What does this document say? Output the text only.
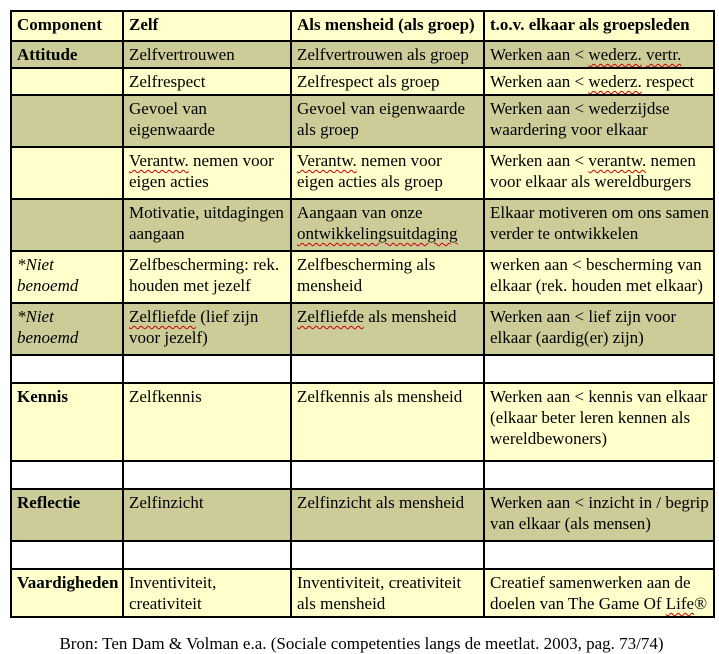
Component	Zelf	Als mensheid (als groep)	t.o.v. elkaar als groepsleden
Attitude	Zelfvertrouwen	Zelfvertrouwen als groep	Werken aan < wederz. vertr.
	Zelfrespect	Zelfrespect als groep	Werken aan < wederz. respect
	Gevoel van eigenwaarde	Gevoel van eigenwaarde als groep	Werken aan < wederzijdse waardering voor elkaar
	Verantw. nemen voor eigen acties	Verantw. nemen voor eigen acties als groep	Werken aan < verantw. nemen voor elkaar als wereldburgers
	Motivatie, uitdagingen aangaan	Aangaan van onze ontwikkelingsuitdaging	Elkaar motiveren om ons samen verder te ontwikkelen
*Niet benoemd	Zelfbescherming: rek. houden met jezelf	Zelfbescherming als mensheid	werken aan < bescherming van elkaar (rek. houden met elkaar)
*Niet benoemd	Zelfliefde (lief zijn voor jezelf)	Zelfliefde als mensheid	Werken aan < lief zijn voor elkaar (aardig(er) zijn)

Kennis	Zelfkennis	Zelfkennis als mensheid	Werken aan < kennis van elkaar (elkaar beter leren kennen als wereldbewoners)

Reflectie	Zelfinzicht	Zelfinzicht als mensheid	Werken aan < inzicht in / begrip van elkaar (als mensen)

Vaardigheden	Inventiviteit, creativiteit	Inventiviteit, creativiteit als mensheid	Creatief samenwerken aan de doelen van The Game Of Life®
Bron: Ten Dam & Volman e.a. (Sociale competenties langs de meetlat. 2003, pag. 73/74)
